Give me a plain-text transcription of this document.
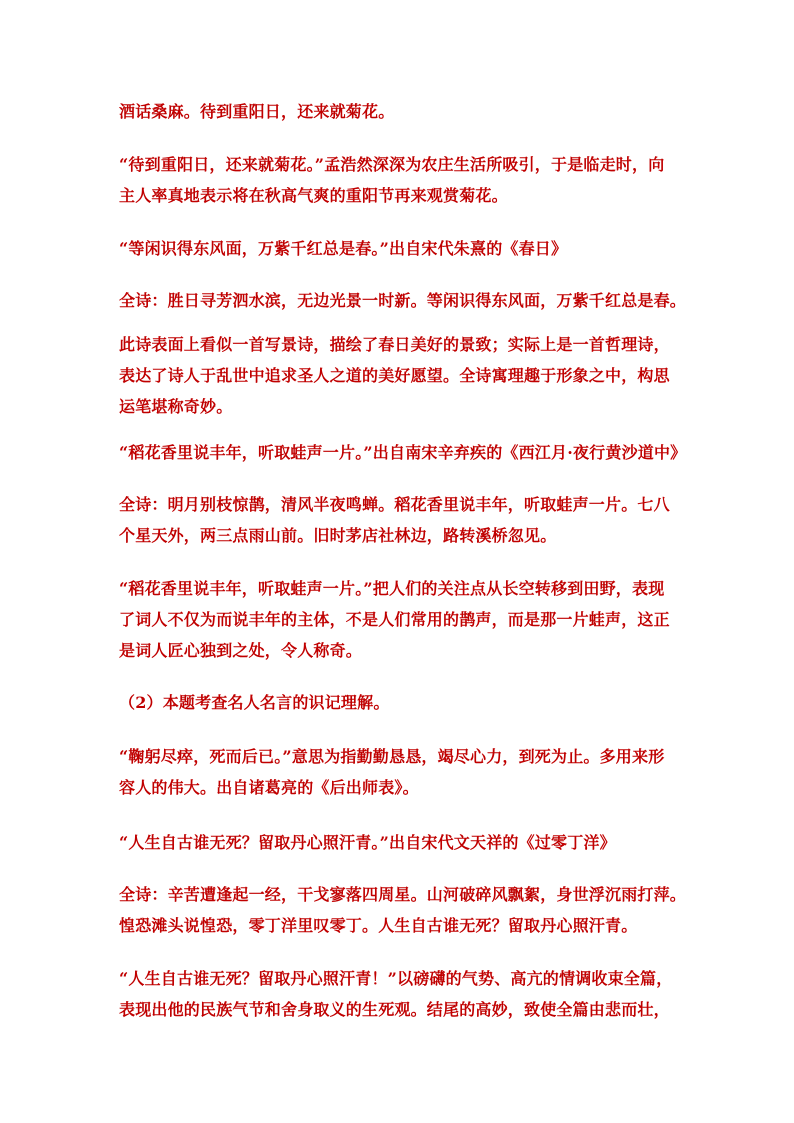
酒话桑麻。待到重阳日，还来就菊花。
“待到重阳日，还来就菊花。”孟浩然深深为农庄生活所吸引，于是临走时，向
主人率真地表示将在秋高气爽的重阳节再来观赏菊花。
“等闲识得东风面，万紫千红总是春。”出自宋代朱熹的《春日》
全诗：胜日寻芳泗水滨，无边光景一时新。等闲识得东风面，万紫千红总是春。
此诗表面上看似一首写景诗，描绘了春日美好的景致；实际上是一首哲理诗，
表达了诗人于乱世中追求圣人之道的美好愿望。全诗寓理趣于形象之中，构思
运笔堪称奇妙。
“稻花香里说丰年，听取蛙声一片。”出自南宋辛弃疾的《西江月·夜行黄沙道中》
全诗：明月别枝惊鹊，清风半夜鸣蝉。稻花香里说丰年，听取蛙声一片。七八
个星天外，两三点雨山前。旧时茅店社林边，路转溪桥忽见。
“稻花香里说丰年，听取蛙声一片。”把人们的关注点从长空转移到田野，表现
了词人不仅为而说丰年的主体，不是人们常用的鹊声，而是那一片蛙声，这正
是词人匠心独到之处，令人称奇。
（2）本题考查名人名言的识记理解。
“鞠躬尽瘁，死而后已。”意思为指勤勤恳恳，竭尽心力，到死为止。多用来形
容人的伟大。出自诸葛亮的《后出师表》。
“人生自古谁无死？留取丹心照汗青。”出自宋代文天祥的《过零丁洋》
全诗：辛苦遭逢起一经，干戈寥落四周星。山河破碎风飘絮，身世浮沉雨打萍。
惶恐滩头说惶恐，零丁洋里叹零丁。人生自古谁无死？留取丹心照汗青。
“人生自古谁无死？留取丹心照汗青！”以磅礴的气势、高亢的情调收束全篇，
表现出他的民族气节和舍身取义的生死观。结尾的高妙，致使全篇由悲而壮，
